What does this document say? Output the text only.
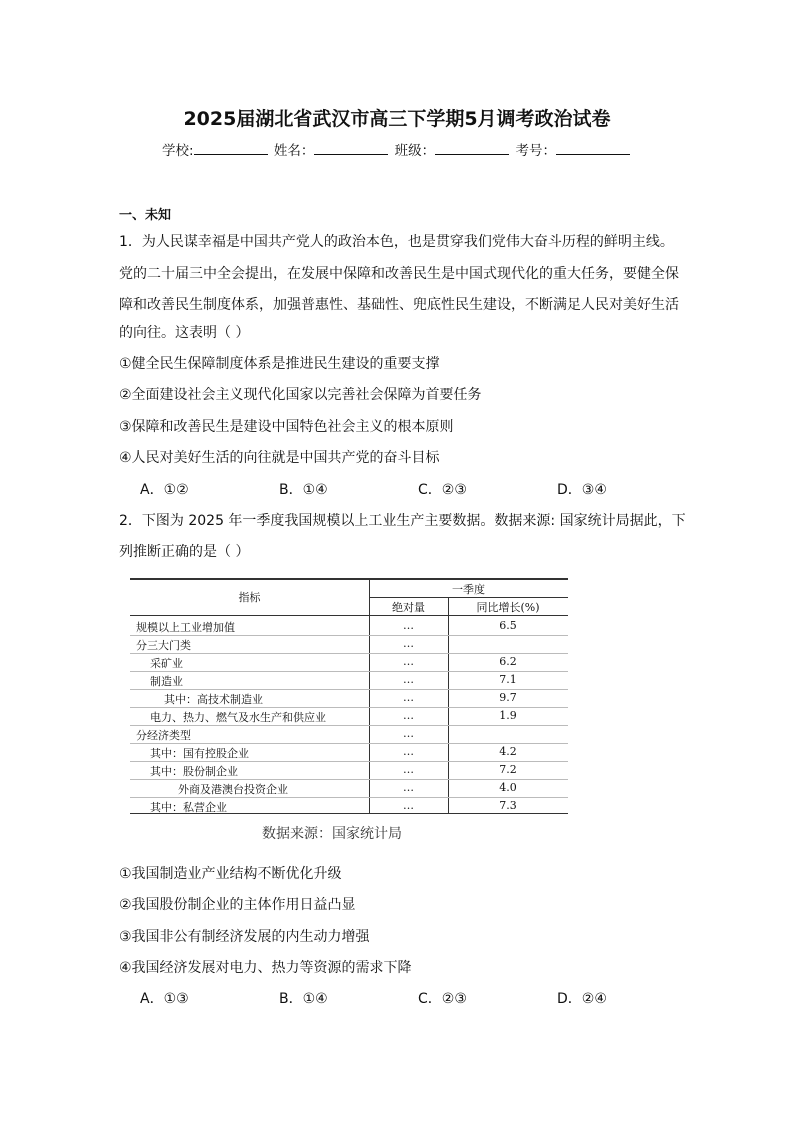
2025届湖北省武汉市高三下学期5月调考政治试卷
学校:	姓名：	班级：	考号：
一、未知
1．为人民谋幸福是中国共产党人的政治本色，也是贯穿我们党伟大奋斗历程的鲜明主线。
党的二十届三中全会提出，在发展中保障和改善民生是中国式现代化的重大任务，要健全保
障和改善民生制度体系，加强普惠性、基础性、兜底性民生建设，不断满足人民对美好生活
的向往。这表明（ ）
①健全民生保障制度体系是推进民生建设的重要支撑
②全面建设社会主义现代化国家以完善社会保障为首要任务
③保障和改善民生是建设中国特色社会主义的根本原则
④人民对美好生活的向往就是中国共产党的奋斗目标
A．①②	B．①④	C．②③	D．③④
2．下图为 2025 年一季度我国规模以上工业生产主要数据。数据来源: 国家统计局据此，下
列推断正确的是（ ）
指标
一季度
绝对量	同比增长(%)
规模以上工业增加值	…	6.5
分三大门类	…
采矿业	…	6.2
制造业	…	7.1
其中：高技术制造业	…	9.7
电力、热力、燃气及水生产和供应业	…	1.9
分经济类型	…
其中：国有控股企业	…	4.2
其中：股份制企业	…	7.2
外商及港澳台投资企业	…	4.0
其中：私营企业	…	7.3
数据来源：国家统计局
①我国制造业产业结构不断优化升级
②我国股份制企业的主体作用日益凸显
③我国非公有制经济发展的内生动力增强
④我国经济发展对电力、热力等资源的需求下降
A．①③	B．①④	C．②③	D．②④
